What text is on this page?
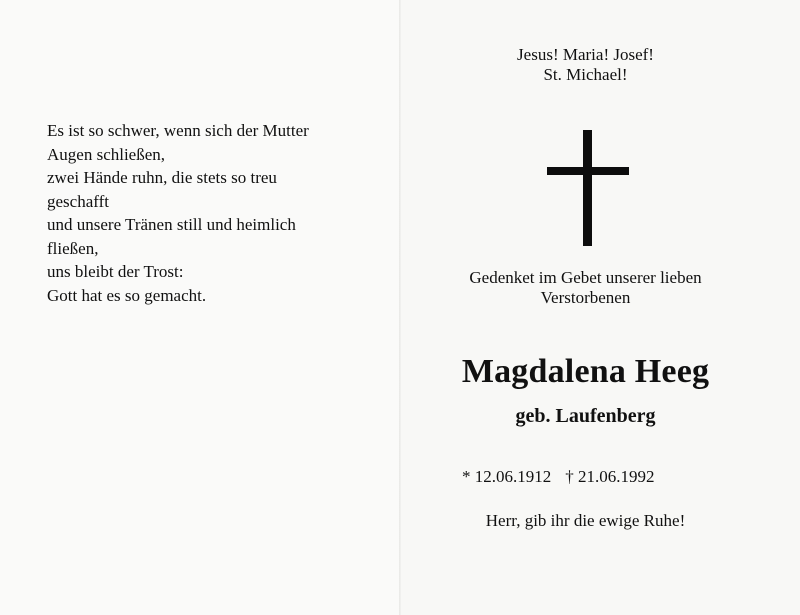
Es ist so schwer, wenn sich der Mutter
Augen schließen,
zwei Hände ruhn, die stets so treu
geschafft
und unsere Tränen still und heimlich
fließen,
uns bleibt der Trost:
Gott hat es so gemacht.
Jesus! Maria! Josef!
St. Michael!
Gedenket im Gebet unserer lieben
Verstorbenen
Magdalena Heeg
geb. Laufenberg
* 12.06.1912 † 21.06.1992
Herr, gib ihr die ewige Ruhe!
